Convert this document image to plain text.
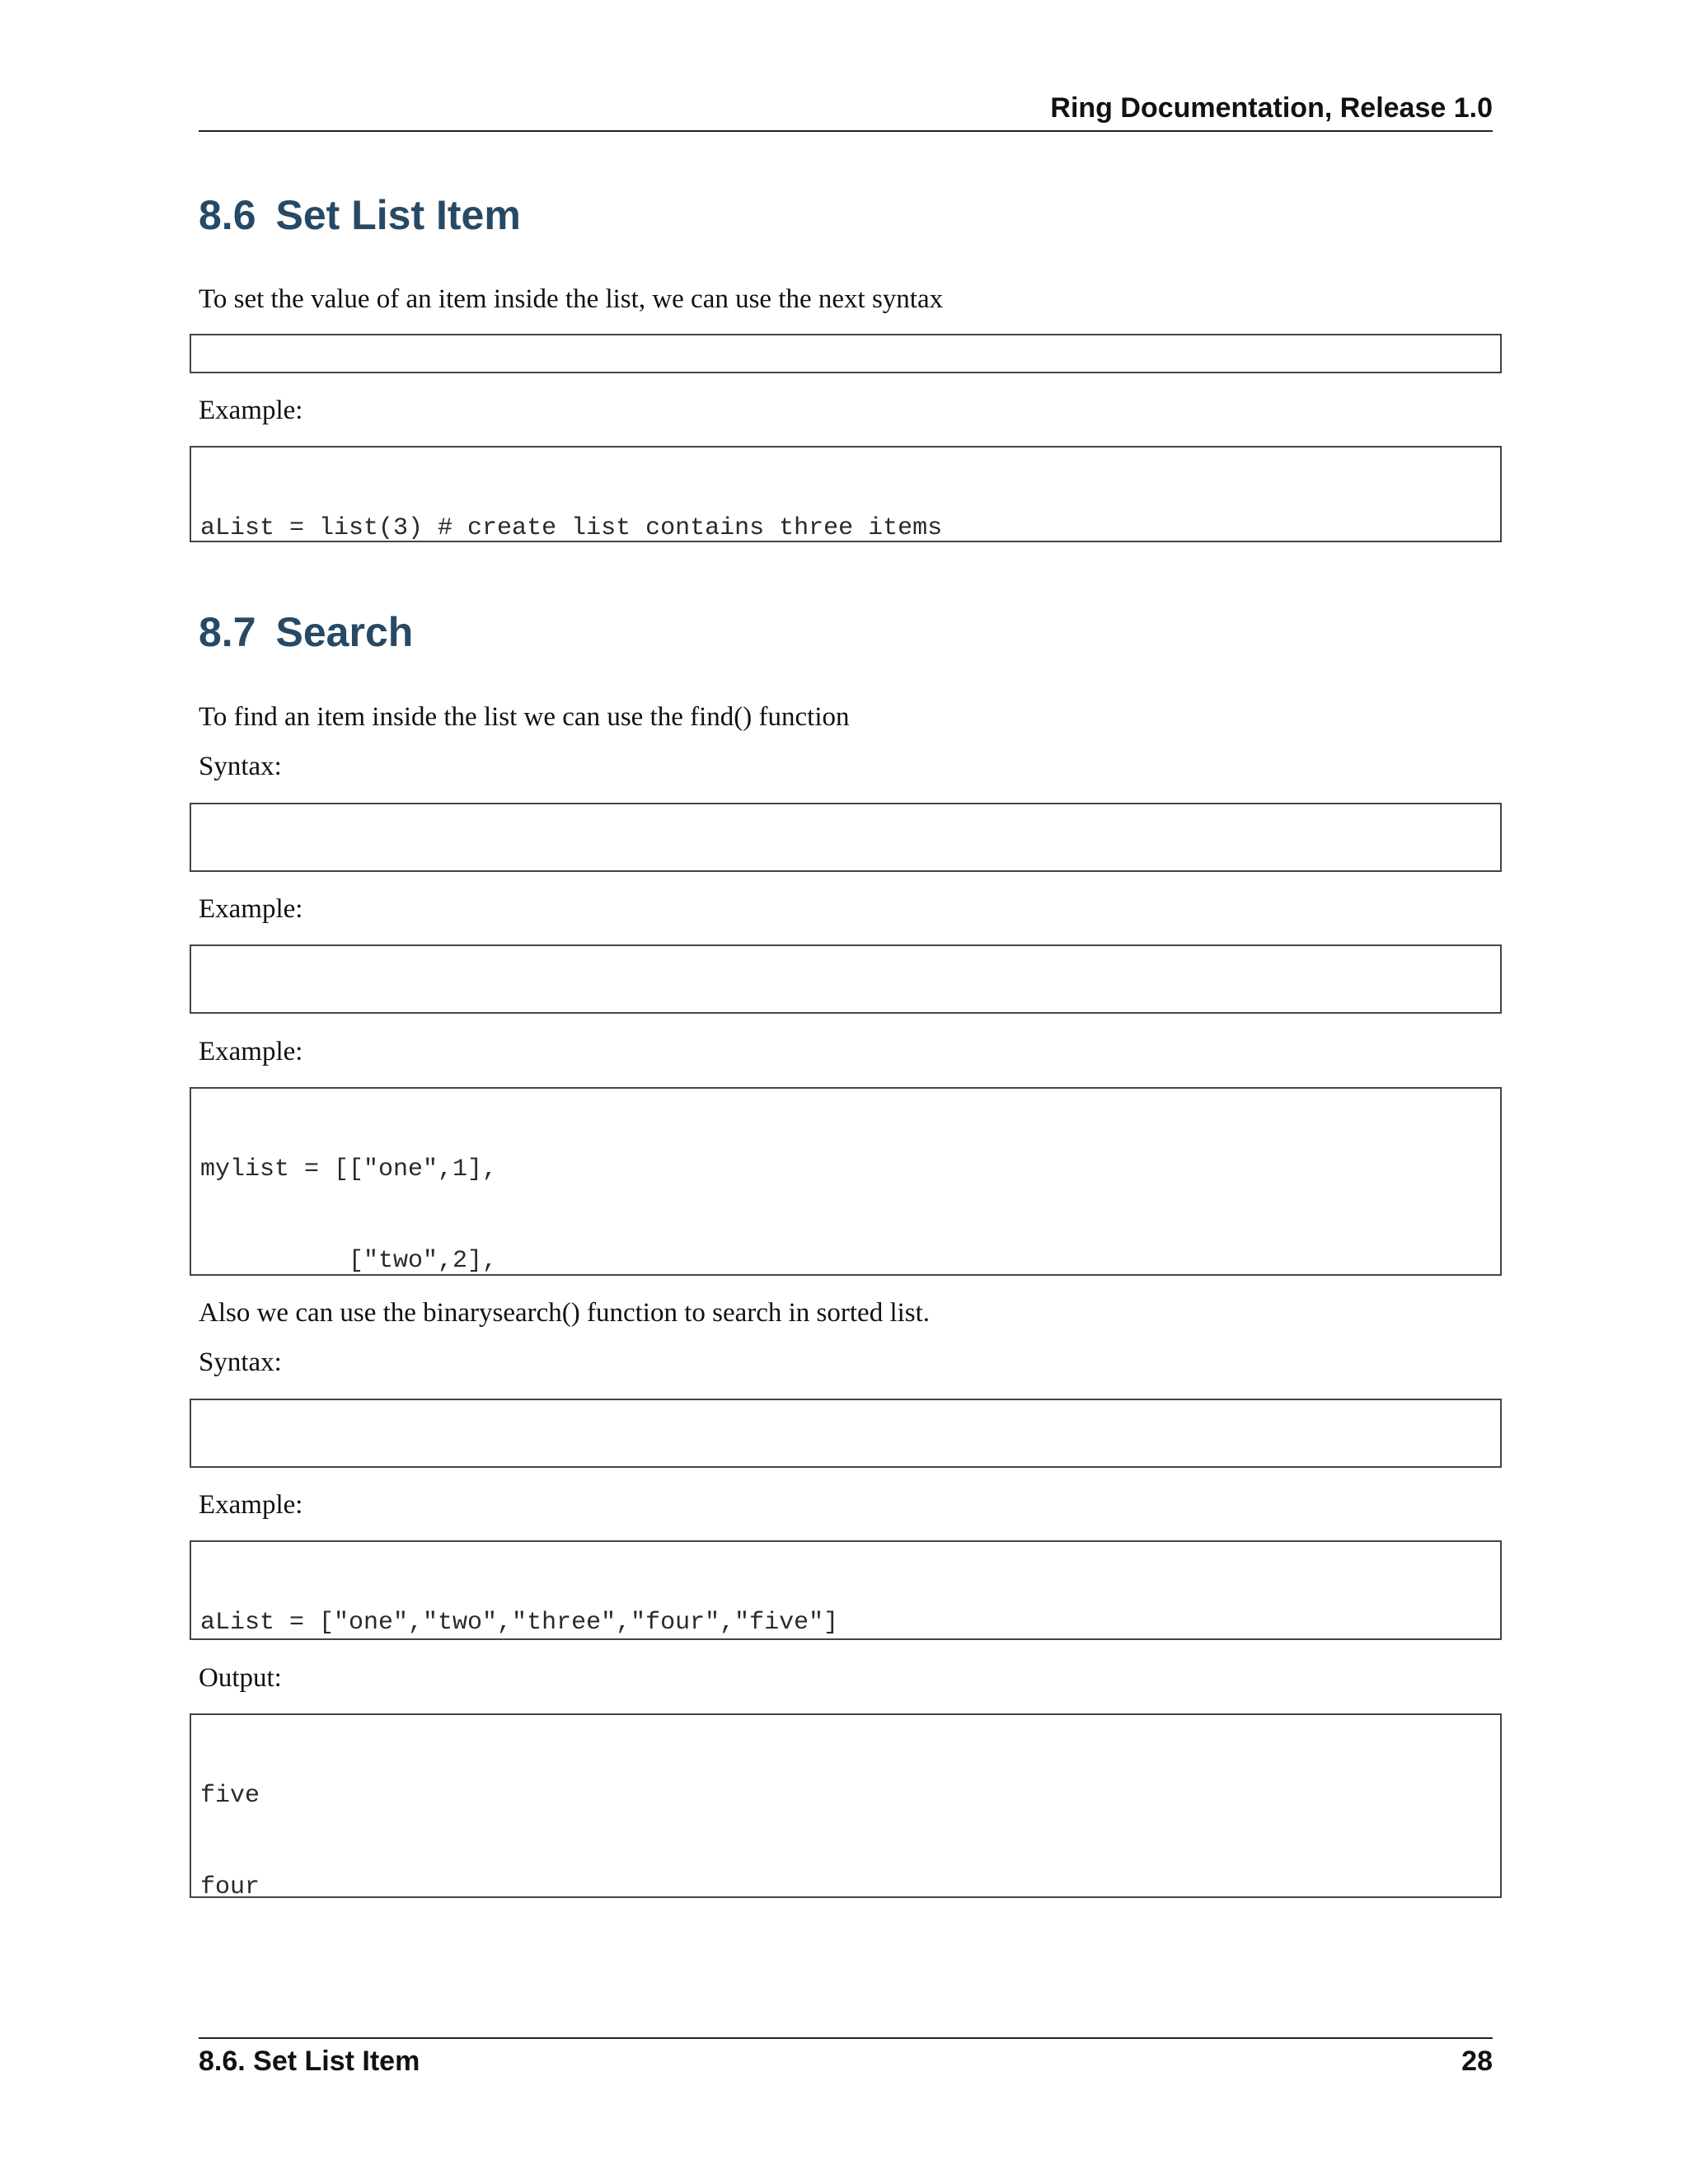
Ring Documentation, Release 1.0
8.6 Set List Item

To set the value of an item inside the list, we can use the next syntax

Example:

aList = list(3) # create list contains three items

8.7 Search

To find an item inside the list we can use the find() function

Syntax:

Example:

Example:

mylist = [["one",1],

["two",2],

Also we can use the binarysearch() function to search in sorted list.

Syntax:

Example:

aList = ["one","two","three","four","five"]

Output:

five

four

8.6. Set List Item	28
